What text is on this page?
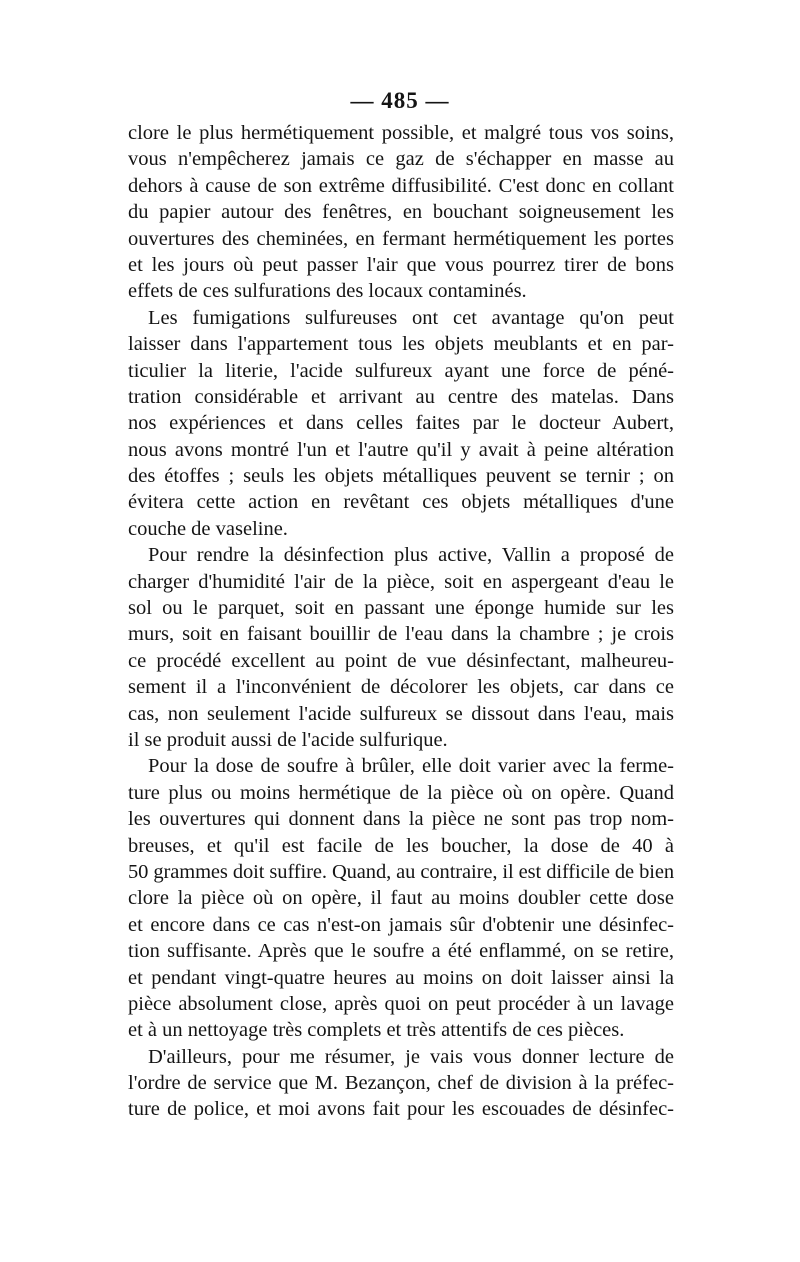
— 485 —
clore le plus hermétiquement possible, et malgré tous vos soins,
vous n'empêcherez jamais ce gaz de s'échapper en masse au
dehors à cause de son extrême diffusibilité. C'est donc en collant
du papier autour des fenêtres, en bouchant soigneusement les
ouvertures des cheminées, en fermant hermétiquement les portes
et les jours où peut passer l'air que vous pourrez tirer de bons
effets de ces sulfurations des locaux contaminés.
Les fumigations sulfureuses ont cet avantage qu'on peut
laisser dans l'appartement tous les objets meublants et en par-
ticulier la literie, l'acide sulfureux ayant une force de péné-
tration considérable et arrivant au centre des matelas. Dans
nos expériences et dans celles faites par le docteur Aubert,
nous avons montré l'un et l'autre qu'il y avait à peine altération
des étoffes ; seuls les objets métalliques peuvent se ternir ; on
évitera cette action en revêtant ces objets métalliques d'une
couche de vaseline.
Pour rendre la désinfection plus active, Vallin a proposé de
charger d'humidité l'air de la pièce, soit en aspergeant d'eau le
sol ou le parquet, soit en passant une éponge humide sur les
murs, soit en faisant bouillir de l'eau dans la chambre ; je crois
ce procédé excellent au point de vue désinfectant, malheureu-
sement il a l'inconvénient de décolorer les objets, car dans ce
cas, non seulement l'acide sulfureux se dissout dans l'eau, mais
il se produit aussi de l'acide sulfurique.
Pour la dose de soufre à brûler, elle doit varier avec la ferme-
ture plus ou moins hermétique de la pièce où on opère. Quand
les ouvertures qui donnent dans la pièce ne sont pas trop nom-
breuses, et qu'il est facile de les boucher, la dose de 40 à
50 grammes doit suffire. Quand, au contraire, il est difficile de bien
clore la pièce où on opère, il faut au moins doubler cette dose
et encore dans ce cas n'est-on jamais sûr d'obtenir une désinfec-
tion suffisante. Après que le soufre a été enflammé, on se retire,
et pendant vingt-quatre heures au moins on doit laisser ainsi la
pièce absolument close, après quoi on peut procéder à un lavage
et à un nettoyage très complets et très attentifs de ces pièces.
D'ailleurs, pour me résumer, je vais vous donner lecture de
l'ordre de service que M. Bezançon, chef de division à la préfec-
ture de police, et moi avons fait pour les escouades de désinfec-
